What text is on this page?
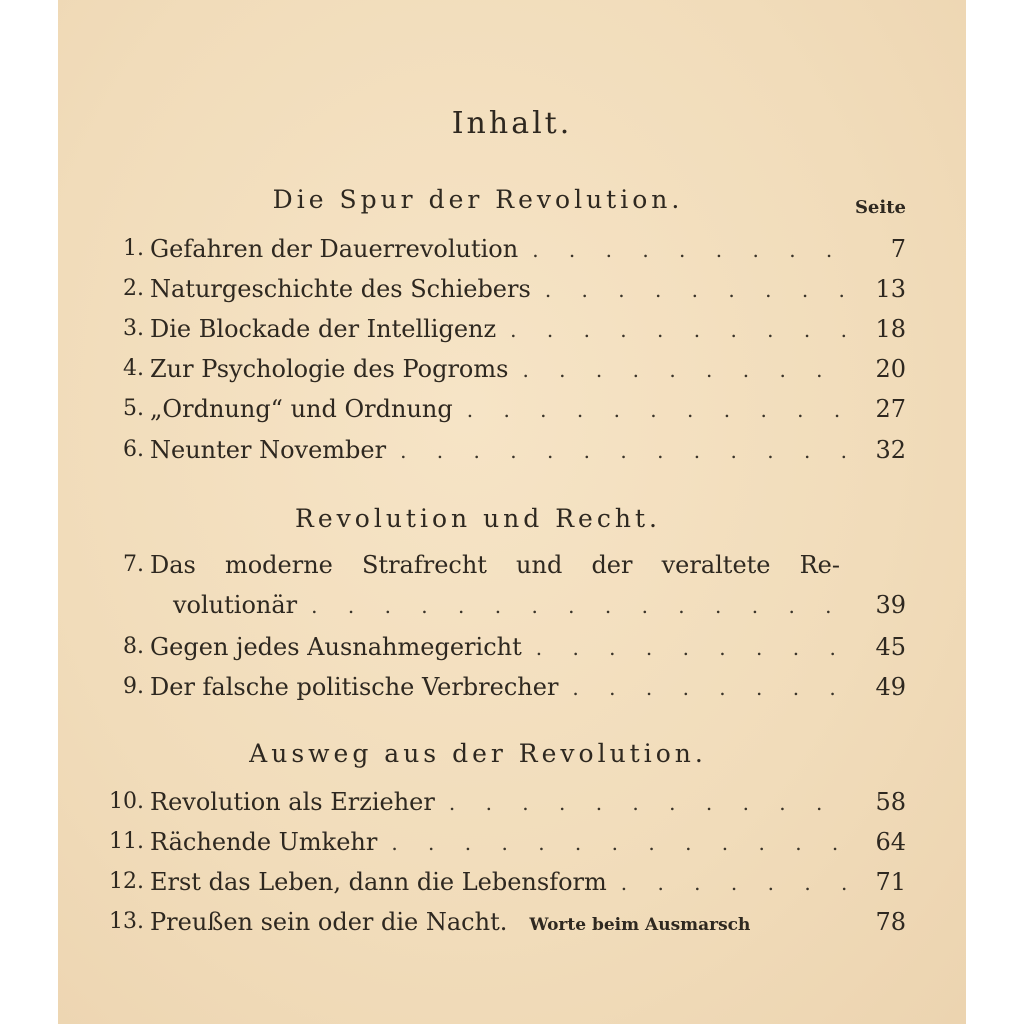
Inhalt.
Die Spur der Revolution.	Seite
1. Gefahren der Dauerrevolution . . .	7
2. Naturgeschichte des Schiebers . . .	13
3. Die Blockade der Intelligenz . . .	18
4. Zur Psychologie des Pogroms . . .	20
5. „Ordnung“ und Ordnung . . .	27
6. Neunter November . . .	32
Revolution und Recht.
7. Das moderne Strafrecht und der veraltete Re-
volutionär . . .	39
8. Gegen jedes Ausnahmegericht . . .	45
9. Der falsche politische Verbrecher . . .	49
Ausweg aus der Revolution.
10. Revolution als Erzieher . . .	58
11. Rächende Umkehr . . .	64
12. Erst das Leben, dann die Lebensform . . .	71
13. Preußen sein oder die Nacht. Worte beim Ausmarsch	78
